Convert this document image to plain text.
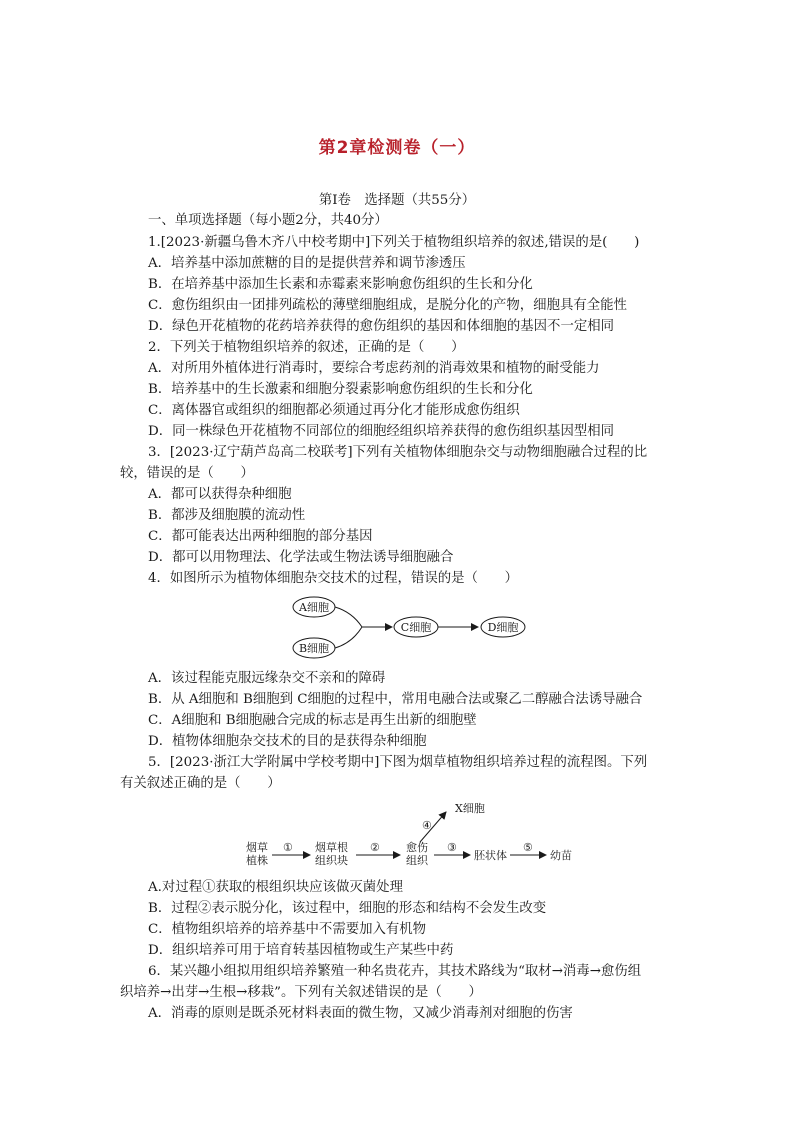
第2章检测卷（一）
第Ⅰ卷　选择题（共55分）
一、单项选择题（每小题2分，共40分）
1.[2023·新疆乌鲁木齐八中校考期中]下列关于植物组织培养的叙述,错误的是(　　)
A．培养基中添加蔗糖的目的是提供营养和调节渗透压
B．在培养基中添加生长素和赤霉素来影响愈伤组织的生长和分化
C．愈伤组织由一团排列疏松的薄壁细胞组成，是脱分化的产物，细胞具有全能性
D．绿色开花植物的花药培养获得的愈伤组织的基因和体细胞的基因不一定相同
2．下列关于植物组织培养的叙述，正确的是（　　）
A．对所用外植体进行消毒时，要综合考虑药剂的消毒效果和植物的耐受能力
B．培养基中的生长激素和细胞分裂素影响愈伤组织的生长和分化
C．离体器官或组织的细胞都必须通过再分化才能形成愈伤组织
D．同一株绿色开花植物不同部位的细胞经组织培养获得的愈伤组织基因型相同
3．[2023·辽宁葫芦岛高二校联考]下列有关植物体细胞杂交与动物细胞融合过程的比
较，错误的是（　　）
A．都可以获得杂种细胞
B．都涉及细胞膜的流动性
C．都可能表达出两种细胞的部分基因
D．都可以用物理法、化学法或生物法诱导细胞融合
4．如图所示为植物体细胞杂交技术的过程，错误的是（　　）
A细胞
B细胞
C细胞	D细胞
A．该过程能克服远缘杂交不亲和的障碍
B．从 A细胞和 B细胞到 C细胞的过程中，常用电融合法或聚乙二醇融合法诱导融合
C．A细胞和 B细胞融合完成的标志是再生出新的细胞壁
D．植物体细胞杂交技术的目的是获得杂种细胞
5．[2023·浙江大学附属中学校考期中]下图为烟草植物组织培养过程的流程图。下列
有关叙述正确的是（　　）
X细胞
④
烟草
植株
① 烟草根
组织块
② 愈伤
组织
③
胚状体
⑤
幼苗
A.对过程①获取的根组织块应该做灭菌处理
B．过程②表示脱分化，该过程中，细胞的形态和结构不会发生改变
C．植物组织培养的培养基中不需要加入有机物
D．组织培养可用于培育转基因植物或生产某些中药
6．某兴趣小组拟用组织培养繁殖一种名贵花卉，其技术路线为“取材→消毒→愈伤组
织培养→出芽→生根→移栽”。下列有关叙述错误的是（　　）
A．消毒的原则是既杀死材料表面的微生物，又减少消毒剂对细胞的伤害
